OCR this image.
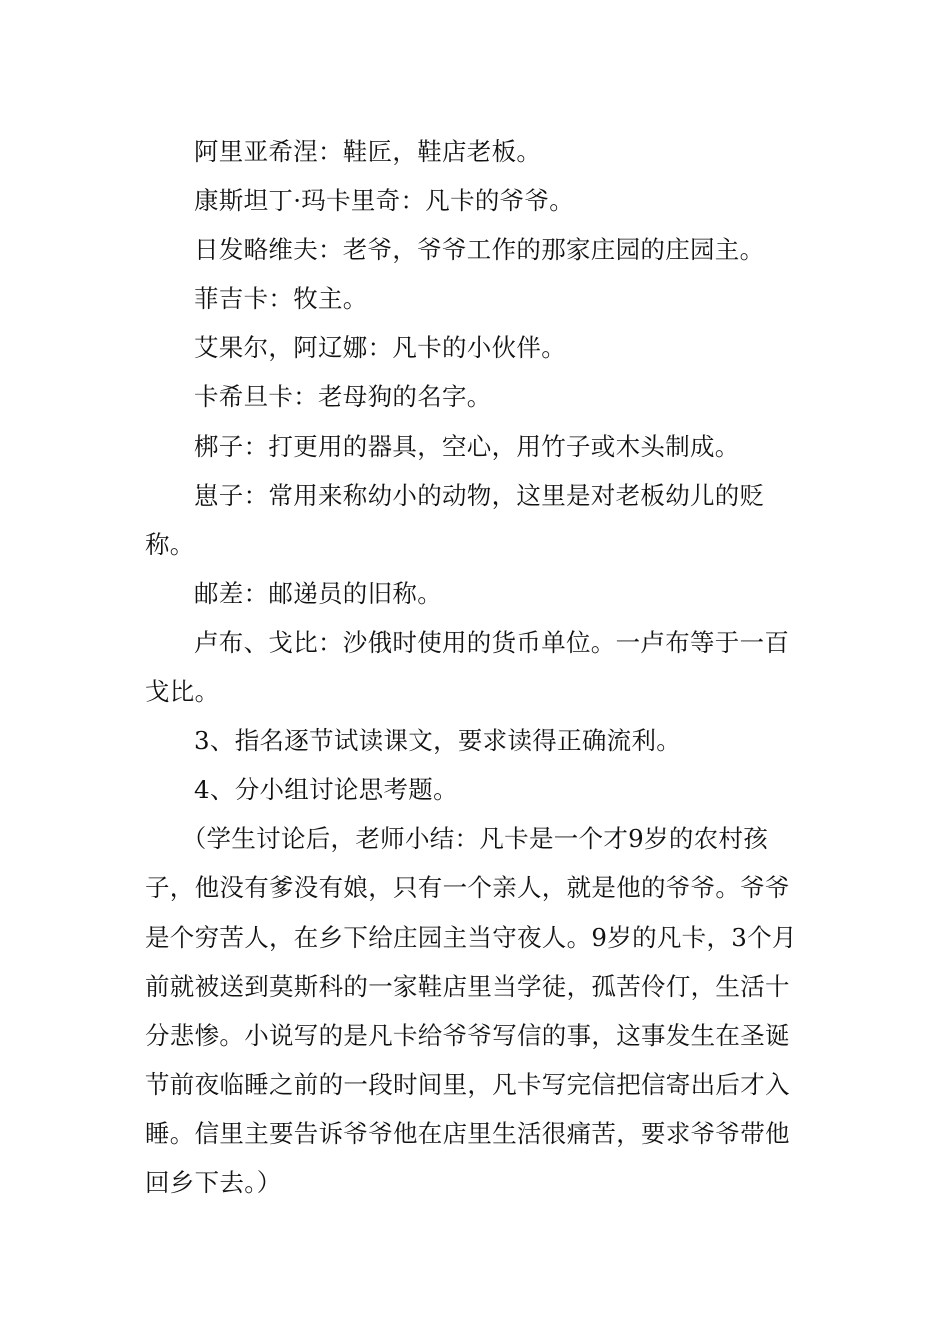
阿里亚希涅：鞋匠，鞋店老板。

康斯坦丁·玛卡里奇：凡卡的爷爷。

日发略维夫：老爷，爷爷工作的那家庄园的庄园主。

菲吉卡：牧主。

艾果尔，阿辽娜：凡卡的小伙伴。

卡希旦卡：老母狗的名字。

梆子：打更用的器具，空心，用竹子或木头制成。

崽子：常用来称幼小的动物，这里是对老板幼儿的贬称。

邮差：邮递员的旧称。

卢布、戈比：沙俄时使用的货币单位。一卢布等于一百戈比。

3、指名逐节试读课文，要求读得正确流利。

4、分小组讨论思考题。

（学生讨论后，老师小结：凡卡是一个才9岁的农村孩子，他没有爹没有娘，只有一个亲人，就是他的爷爷。爷爷是个穷苦人，在乡下给庄园主当守夜人。9岁的凡卡，3个月前就被送到莫斯科的一家鞋店里当学徒，孤苦伶仃，生活十分悲惨。小说写的是凡卡给爷爷写信的事，这事发生在圣诞节前夜临睡之前的一段时间里，凡卡写完信把信寄出后才入睡。信里主要告诉爷爷他在店里生活很痛苦，要求爷爷带他回乡下去。）
